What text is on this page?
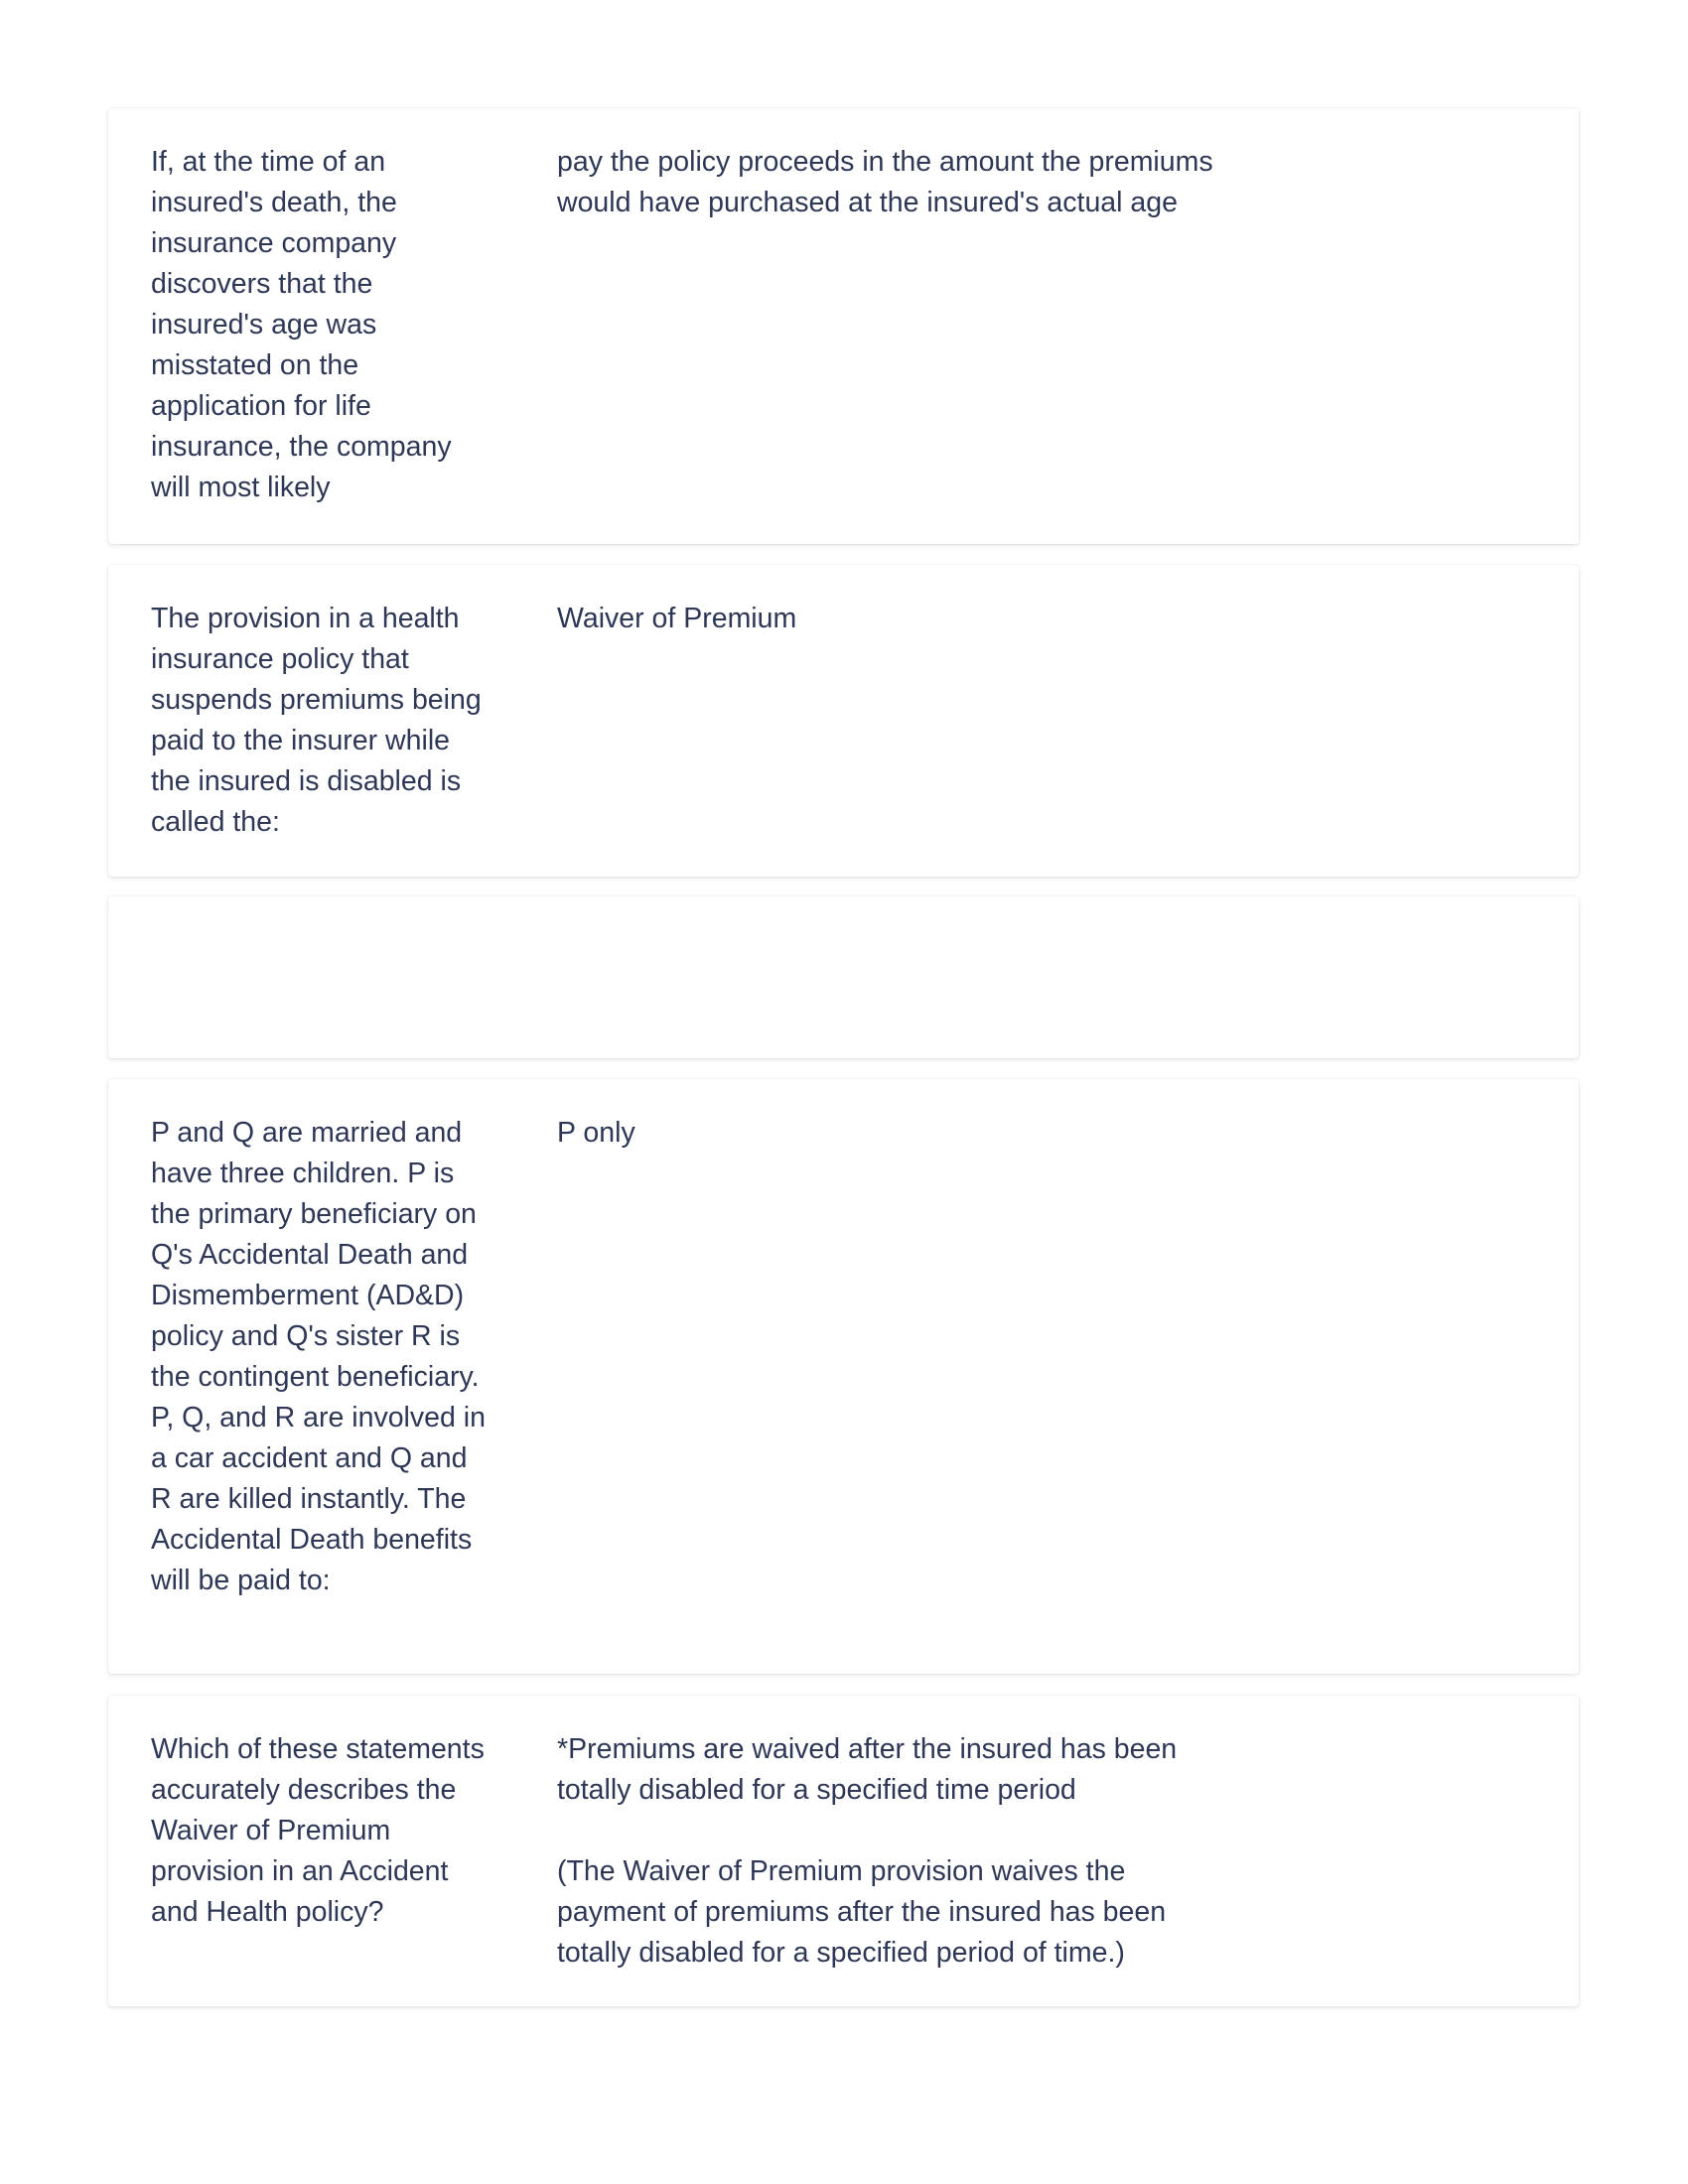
If, at the time of an insured's death, the insurance company discovers that the insured's age was misstated on the application for life insurance, the company will most likely
pay the policy proceeds in the amount the premiums would have purchased at the insured's actual age
The provision in a health insurance policy that suspends premiums being paid to the insurer while the insured is disabled is called the:
Waiver of Premium
P and Q are married and have three children. P is the primary beneficiary on Q's Accidental Death and Dismemberment (AD&D) policy and Q's sister R is the contingent beneficiary. P, Q, and R are involved in a car accident and Q and R are killed instantly. The Accidental Death benefits will be paid to:
P only
Which of these statements accurately describes the Waiver of Premium provision in an Accident and Health policy?
*Premiums are waived after the insured has been totally disabled for a specified time period

(The Waiver of Premium provision waives the payment of premiums after the insured has been totally disabled for a specified period of time.)
